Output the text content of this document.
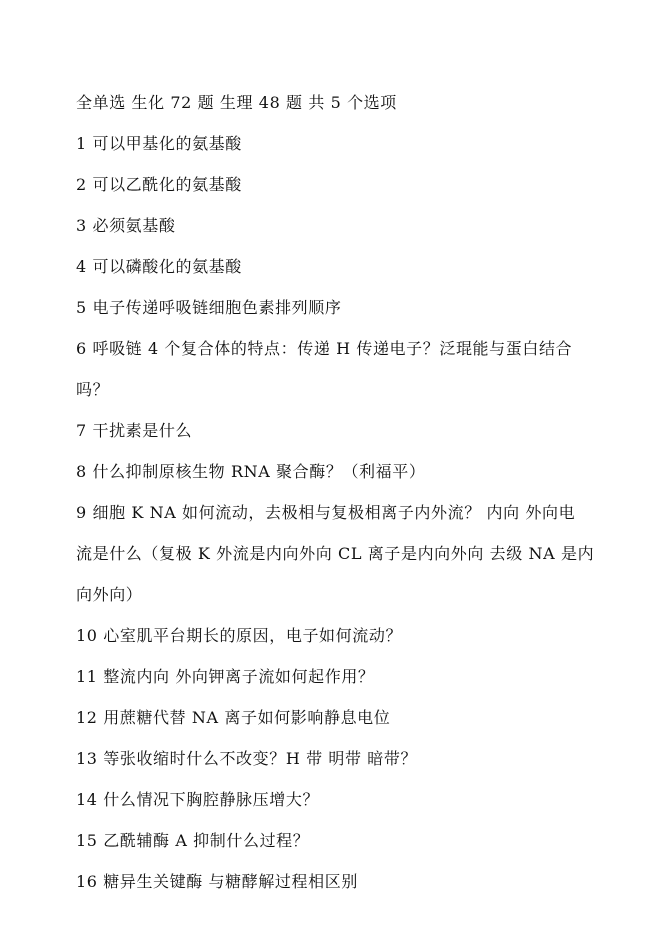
全单选 生化 72 题 生理 48 题 共 5 个选项
1 可以甲基化的氨基酸
2 可以乙酰化的氨基酸
3 必须氨基酸
4 可以磷酸化的氨基酸
5 电子传递呼吸链细胞色素排列顺序
6 呼吸链 4 个复合体的特点：传递 H 传递电子？泛琨能与蛋白结合
吗？
7 干扰素是什么
8 什么抑制原核生物 RNA 聚合酶？（利福平）
9 细胞 K NA 如何流动，去极相与复极相离子内外流？ 内向 外向电
流是什么（复极 K 外流是内向外向 CL 离子是内向外向 去级 NA 是内
向外向）
10 心室肌平台期长的原因，电子如何流动？
11 整流内向 外向钾离子流如何起作用？
12 用蔗糖代替 NA 离子如何影响静息电位
13 等张收缩时什么不改变？H 带 明带 暗带？
14 什么情况下胸腔静脉压增大？
15 乙酰辅酶 A 抑制什么过程？
16 糖异生关键酶 与糖酵解过程相区别
